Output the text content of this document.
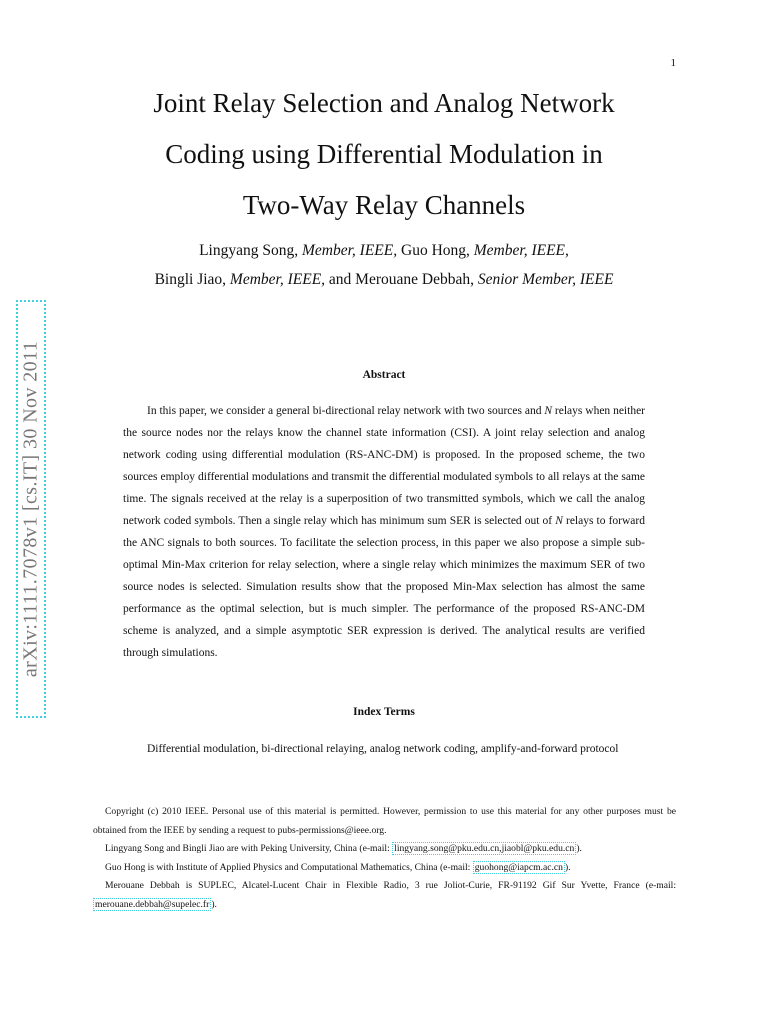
1
Joint Relay Selection and Analog Network
Coding using Differential Modulation in
Two-Way Relay Channels
Lingyang Song, Member, IEEE, Guo Hong, Member, IEEE,
Bingli Jiao, Member, IEEE, and Merouane Debbah, Senior Member, IEEE
arXiv:1111.7078v1 [cs.IT] 30 Nov 2011	Abstract

In this paper, we consider a general bi-directional relay network with two sources and N relays when neither the source nodes nor the relays know the channel state information (CSI). A joint relay selection and analog network coding using differential modulation (RS-ANC-DM) is proposed. In the proposed scheme, the two sources employ differential modulations and transmit the differential modulated symbols to all relays at the same time. The signals received at the relay is a superposition of two transmitted symbols, which we call the analog network coded symbols. Then a single relay which has minimum sum SER is selected out of N relays to forward the ANC signals to both sources. To facilitate the selection process, in this paper we also propose a simple sub-optimal Min-Max criterion for relay selection, where a single relay which minimizes the maximum SER of two source nodes is selected. Simulation results show that the proposed Min-Max selection has almost the same performance as the optimal selection, but is much simpler. The performance of the proposed RS-ANC-DM scheme is analyzed, and a simple asymptotic SER expression is derived. The analytical results are verified through simulations.

Index Terms

Differential modulation, bi-directional relaying, analog network coding, amplify-and-forward protocol

Copyright (c) 2010 IEEE. Personal use of this material is permitted. However, permission to use this material for any other purposes must be obtained from the IEEE by sending a request to pubs-permissions@ieee.org.

Lingyang Song and Bingli Jiao are with Peking University, China (e-mail: lingyang.song@pku.edu.cn,jiaobl@pku.edu.cn ).

Guo Hong is with Institute of Applied Physics and Computational Mathematics, China (e-mail: guohong@iapcm.ac.cn ).

Merouane Debbah is SUPLEC, Alcatel-Lucent Chair in Flexible Radio, 3 rue Joliot-Curie, FR-91192 Gif Sur Yvette, France (e-mail: merouane.debbah@supelec.fr ).
